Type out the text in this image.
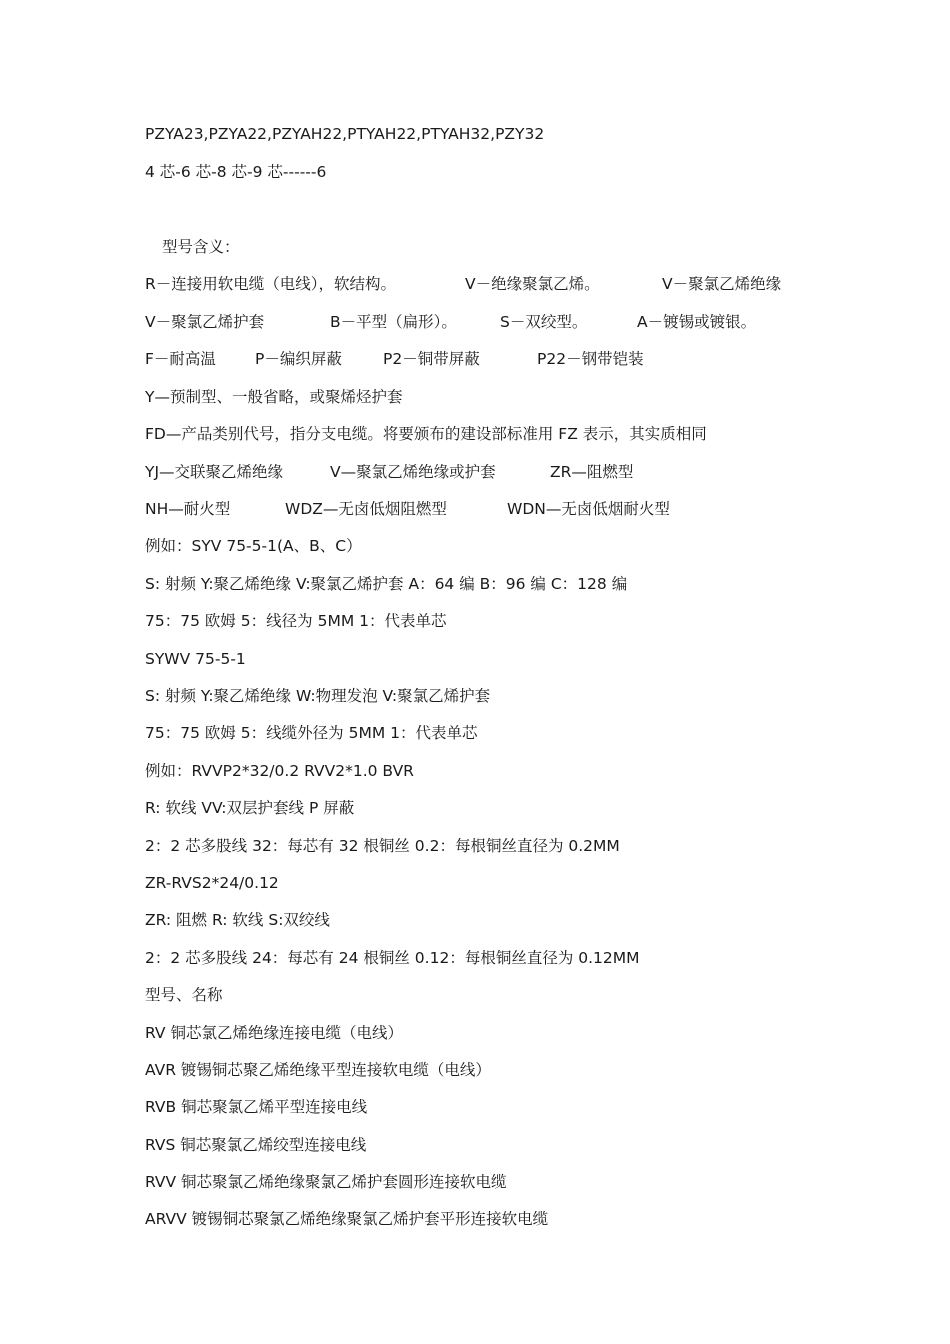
PZYA23,PZYA22,PZYAH22,PTYAH22,PTYAH32,PZY32
4 芯-6 芯-8 芯-9 芯------6
型号含义：
R－连接用软电缆（电线），软结构。	V－绝缘聚氯乙烯。	V－聚氯乙烯绝缘
V－聚氯乙烯护套	B－平型（扁形）。	S－双绞型。	A－镀锡或镀银。
F－耐高温	P－编织屏蔽	P2－铜带屏蔽	P22－钢带铠装
Y—预制型、一般省略，或聚烯烃护套
FD—产品类别代号，指分支电缆。将要颁布的建设部标准用 FZ 表示，其实质相同
YJ—交联聚乙烯绝缘	V—聚氯乙烯绝缘或护套	ZR—阻燃型
NH—耐火型	WDZ—无卤低烟阻燃型	WDN—无卤低烟耐火型
例如：SYV 75-5-1(A、B、C）
S: 射频 Y:聚乙烯绝缘 V:聚氯乙烯护套 A：64 编 B：96 编 C：128 编
75：75 欧姆 5：线径为 5MM 1：代表单芯
SYWV 75-5-1
S: 射频 Y:聚乙烯绝缘 W:物理发泡 V:聚氯乙烯护套
75：75 欧姆 5：线缆外径为 5MM 1：代表单芯
例如：RVVP2*32/0.2 RVV2*1.0 BVR
R: 软线 VV:双层护套线 P 屏蔽
2：2 芯多股线 32：每芯有 32 根铜丝 0.2：每根铜丝直径为 0.2MM
ZR-RVS2*24/0.12
ZR: 阻燃 R: 软线 S:双绞线
2：2 芯多股线 24：每芯有 24 根铜丝 0.12：每根铜丝直径为 0.12MM
型号、名称
RV 铜芯氯乙烯绝缘连接电缆（电线）
AVR 镀锡铜芯聚乙烯绝缘平型连接软电缆（电线）
RVB 铜芯聚氯乙烯平型连接电线
RVS 铜芯聚氯乙烯绞型连接电线
RVV 铜芯聚氯乙烯绝缘聚氯乙烯护套圆形连接软电缆
ARVV 镀锡铜芯聚氯乙烯绝缘聚氯乙烯护套平形连接软电缆
